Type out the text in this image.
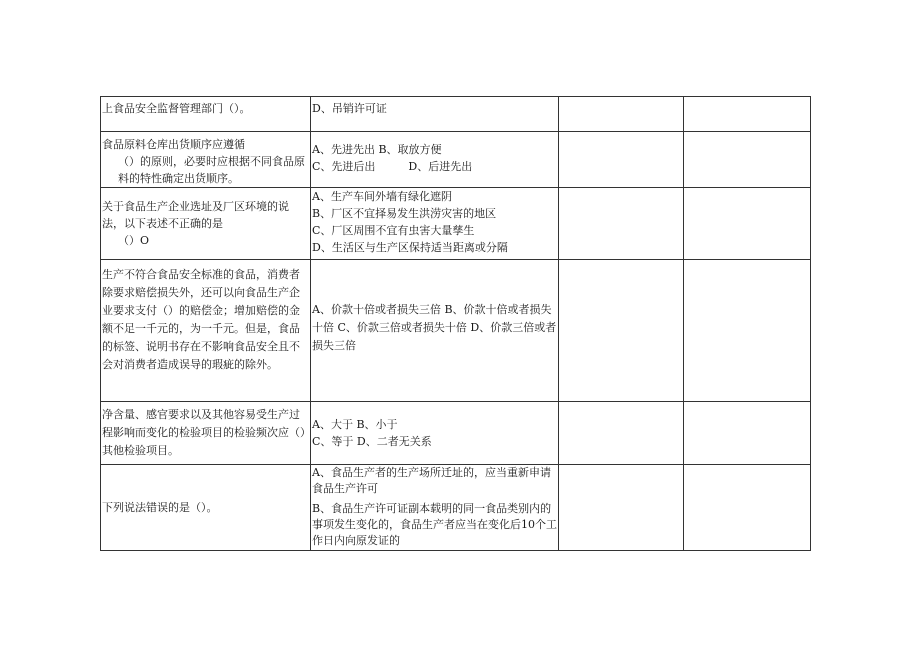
上食品安全监督管理部门（）。	D、吊销许可证		

食品原料仓库出货顺序应遵循
（）的原则，必要时应根据不同食品原料的特性确定出货顺序。	A、先进先出 B、取放方便
C、先进后出　　　D、后进先出		

关于食品生产企业选址及厂区环境的说法，以下表述不正确的是
（）O	A、生产车间外墙有绿化遮阴
B、厂区不宜择易发生洪涝灾害的地区
C、厂区周围不宜有虫害大量孳生
D、生活区与生产区保持适当距离或分隔		

生产不符合食品安全标准的食品，消费者除要求赔偿损失外，还可以向食品生产企业要求支付（）的赔偿金；增加赔偿的金额不足一千元的，为一千元。但是，食品的标签、说明书存在不影响食品安全且不会对消费者造成误导的瑕疵的除外。	A、价款十倍或者损失三倍 B、价款十倍或者损失十倍 C、价款三倍或者损失十倍 D、价款三倍或者损失三倍		

净含量、感官要求以及其他容易受生产过程影响而变化的检验项目的检验频次应（）其他检验项目。	A、大于 B、小于
C、等于 D、二者无关系		

下列说法错误的是（）。	A、食品生产者的生产场所迁址的，应当重新申请食品生产许可
B、食品生产许可证副本载明的同一食品类别内的事项发生变化的，食品生产者应当在变化后10个工作日内向原发证的		
